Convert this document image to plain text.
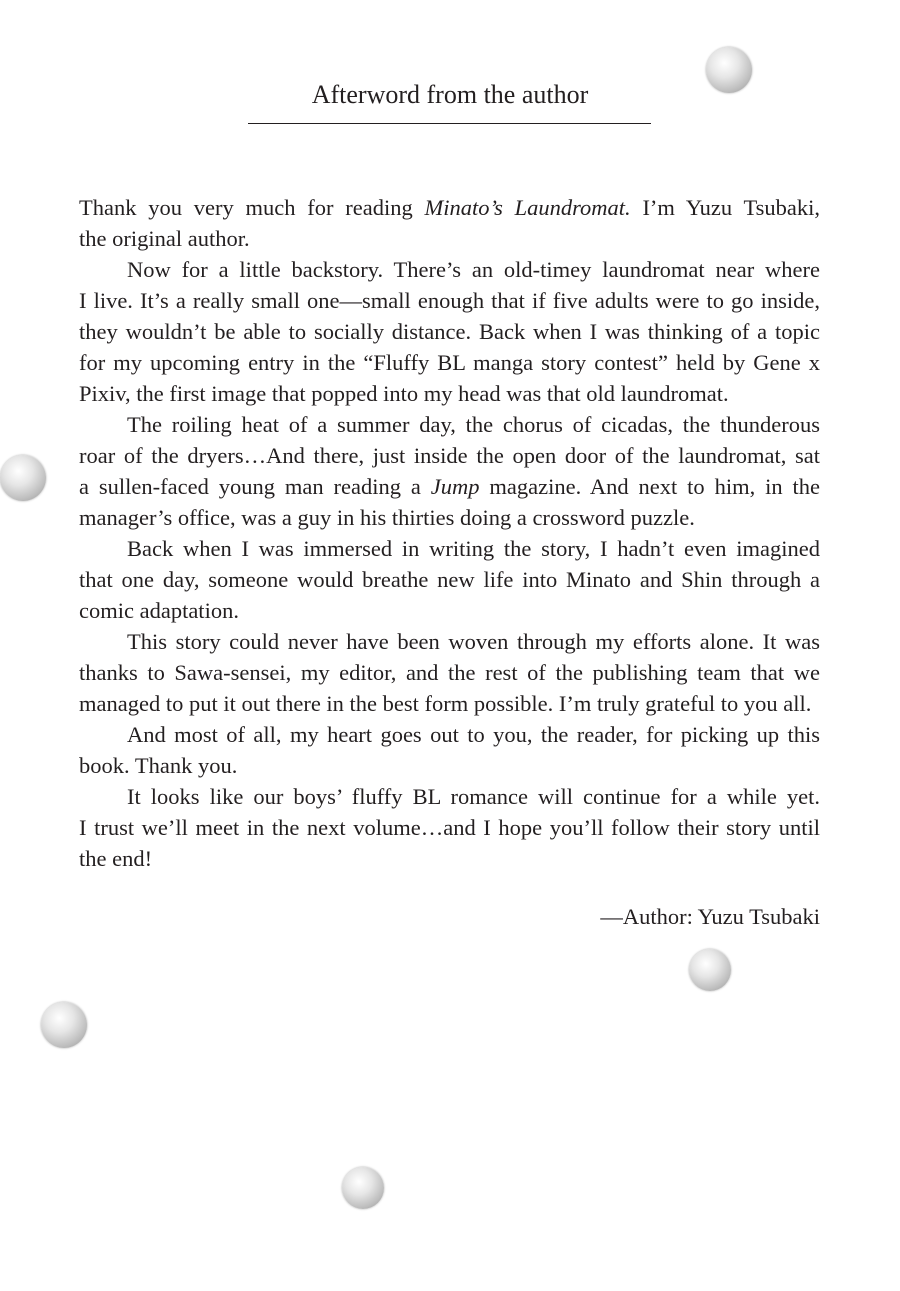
Afterword from the author
Thank you very much for reading Minato’s Laundromat. I’m Yuzu Tsubaki,
the original author.
Now for a little backstory. There’s an old-timey laundromat near where
I live. It’s a really small one—small enough that if five adults were to go inside,
they wouldn’t be able to socially distance. Back when I was thinking of a topic
for my upcoming entry in the “Fluffy BL manga story contest” held by Gene x
Pixiv, the first image that popped into my head was that old laundromat.
The roiling heat of a summer day, the chorus of cicadas, the thunderous
roar of the dryers…And there, just inside the open door of the laundromat, sat
a sullen-faced young man reading a Jump magazine. And next to him, in the
manager’s office, was a guy in his thirties doing a crossword puzzle.
Back when I was immersed in writing the story, I hadn’t even imagined
that one day, someone would breathe new life into Minato and Shin through a
comic adaptation.
This story could never have been woven through my efforts alone. It was
thanks to Sawa-sensei, my editor, and the rest of the publishing team that we
managed to put it out there in the best form possible. I’m truly grateful to you all.
And most of all, my heart goes out to you, the reader, for picking up this
book. Thank you.
It looks like our boys’ fluffy BL romance will continue for a while yet.
I trust we’ll meet in the next volume…and I hope you’ll follow their story until
the end!
—Author: Yuzu Tsubaki
